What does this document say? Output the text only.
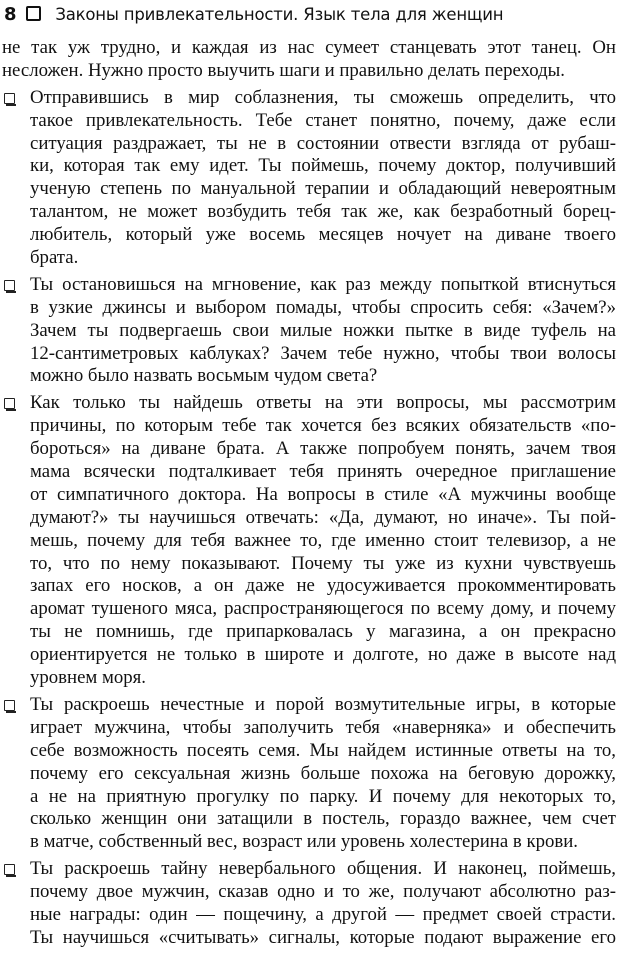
8 Законы привлекательности. Язык тела для женщин
не так уж трудно, и каждая из нас сумеет станцевать этот танец. Он
несложен. Нужно просто выучить шаги и правильно делать переходы.
Отправившись в мир соблазнения, ты сможешь определить, что
такое привлекательность. Тебе станет понятно, почему, даже если
ситуация раздражает, ты не в состоянии отвести взгляда от рубаш-
ки, которая так ему идет. Ты поймешь, почему доктор, получивший
ученую степень по мануальной терапии и обладающий невероятным
талантом, не может возбудить тебя так же, как безработный борец-
любитель, который уже восемь месяцев ночует на диване твоего
брата.
Ты остановишься на мгновение, как раз между попыткой втиснуться
в узкие джинсы и выбором помады, чтобы спросить себя: «Зачем?»
Зачем ты подвергаешь свои милые ножки пытке в виде туфель на
12-сантиметровых каблуках? Зачем тебе нужно, чтобы твои волосы
можно было назвать восьмым чудом света?
Как только ты найдешь ответы на эти вопросы, мы рассмотрим
причины, по которым тебе так хочется без всяких обязательств «по-
бороться» на диване брата. А также попробуем понять, зачем твоя
мама всячески подталкивает тебя принять очередное приглашение
от симпатичного доктора. На вопросы в стиле «А мужчины вообще
думают?» ты научишься отвечать: «Да, думают, но иначе». Ты пой-
мешь, почему для тебя важнее то, где именно стоит телевизор, а не
то, что по нему показывают. Почему ты уже из кухни чувствуешь
запах его носков, а он даже не удосуживается прокомментировать
аромат тушеного мяса, распространяющегося по всему дому, и почему
ты не помнишь, где припарковалась у магазина, а он прекрасно
ориентируется не только в широте и долготе, но даже в высоте над
уровнем моря.
Ты раскроешь нечестные и порой возмутительные игры, в которые
играет мужчина, чтобы заполучить тебя «наверняка» и обеспечить
себе возможность посеять семя. Мы найдем истинные ответы на то,
почему его сексуальная жизнь больше похожа на беговую дорожку,
а не на приятную прогулку по парку. И почему для некоторых то,
сколько женщин они затащили в постель, гораздо важнее, чем счет
в матче, собственный вес, возраст или уровень холестерина в крови.
Ты раскроешь тайну невербального общения. И наконец, поймешь,
почему двое мужчин, сказав одно и то же, получают абсолютно раз-
ные награды: один — пощечину, а другой — предмет своей страсти.
Ты научишься «считывать» сигналы, которые подают выражение его
